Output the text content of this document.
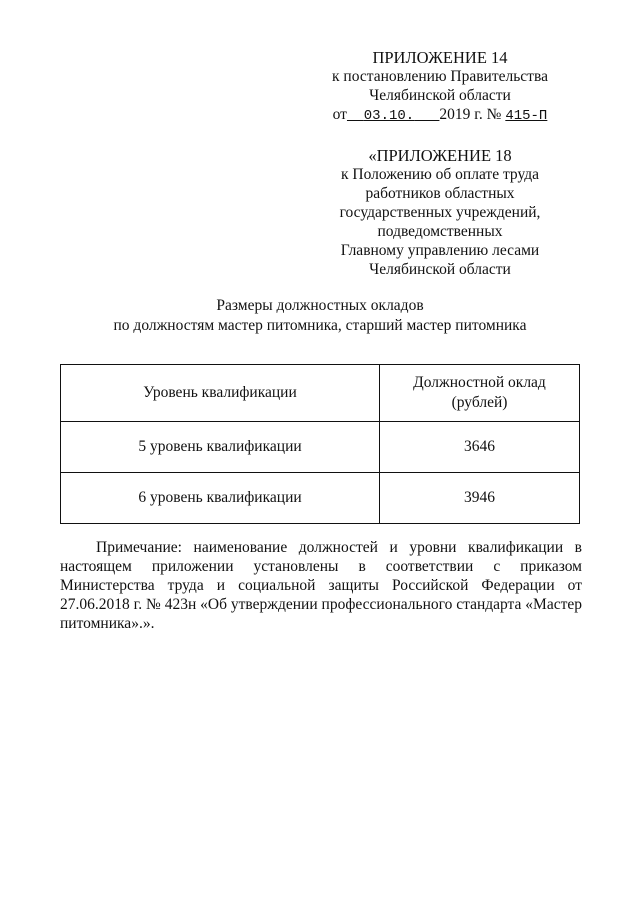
ПРИЛОЖЕНИЕ 14
к постановлению Правительства
Челябинской области
от 03.10. 2019 г. № 415-П
«ПРИЛОЖЕНИЕ 18
к Положению об оплате труда
работников областных
государственных учреждений,
подведомственных
Главному управлению лесами
Челябинской области
Размеры должностных окладов
по должностям мастер питомника, старший мастер питомника
Уровень квалификации	Должностной оклад
(рублей)
5 уровень квалификации	3646
6 уровень квалификации	3946
Примечание: наименование должностей и уровни квалификации в настоящем приложении установлены в соответствии с приказом Министерства труда и социальной защиты Российской Федерации от 27.06.2018 г. № 423н «Об утверждении профессионального стандарта «Мастер питомника».».
